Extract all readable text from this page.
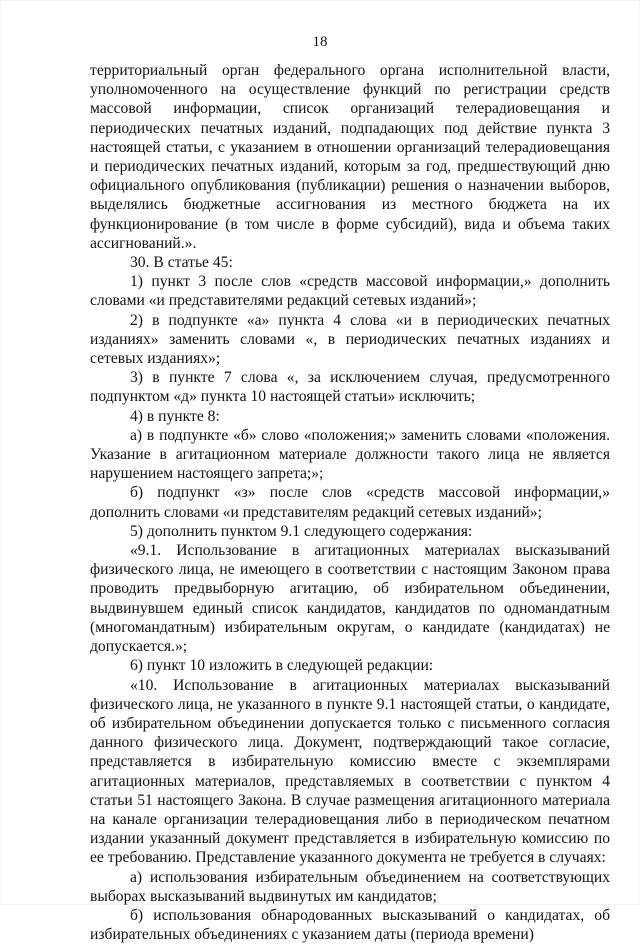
18

территориальный орган федерального органа исполнительной власти, уполномоченного на осуществление функций по регистрации средств массовой информации, список организаций телерадиовещания и периодических печатных изданий, подпадающих под действие пункта 3 настоящей статьи, с указанием в отношении организаций телерадиовещания и периодических печатных изданий, которым за год, предшествующий дню официального опубликования (публикации) решения о назначении выборов, выделялись бюджетные ассигнования из местного бюджета на их функционирование (в том числе в форме субсидий), вида и объема таких ассигнований.».

30. В статье 45:

1) пункт 3 после слов «средств массовой информации,» дополнить словами «и представителями редакций сетевых изданий»;

2) в подпункте «а» пункта 4 слова «и в периодических печатных изданиях» заменить словами «, в периодических печатных изданиях и сетевых изданиях»;

3) в пункте 7 слова «, за исключением случая, предусмотренного подпунктом «д» пункта 10 настоящей статьи» исключить;

4) в пункте 8:

а) в подпункте «б» слово «положения;» заменить словами «положения. Указание в агитационном материале должности такого лица не является нарушением настоящего запрета;»;

б) подпункт «з» после слов «средств массовой информации,» дополнить словами «и представителям редакций сетевых изданий»;

5) дополнить пунктом 9.1 следующего содержания:

«9.1. Использование в агитационных материалах высказываний физического лица, не имеющего в соответствии с настоящим Законом права проводить предвыборную агитацию, об избирательном объединении, выдвинувшем единый список кандидатов, кандидатов по одномандатным (многомандатным) избирательным округам, о кандидате (кандидатах) не допускается.»;

6) пункт 10 изложить в следующей редакции:

«10. Использование в агитационных материалах высказываний физического лица, не указанного в пункте 9.1 настоящей статьи, о кандидате, об избирательном объединении допускается только с письменного согласия данного физического лица. Документ, подтверждающий такое согласие, представляется в избирательную комиссию вместе с экземплярами агитационных материалов, представляемых в соответствии с пунктом 4 статьи 51 настоящего Закона. В случае размещения агитационного материала на канале организации телерадиовещания либо в периодическом печатном издании указанный документ представляется в избирательную комиссию по ее требованию. Представление указанного документа не требуется в случаях:

а) использования избирательным объединением на соответствующих выборах высказываний выдвинутых им кандидатов;

б) использования обнародованных высказываний о кандидатах, об избирательных объединениях с указанием даты (периода времени)
